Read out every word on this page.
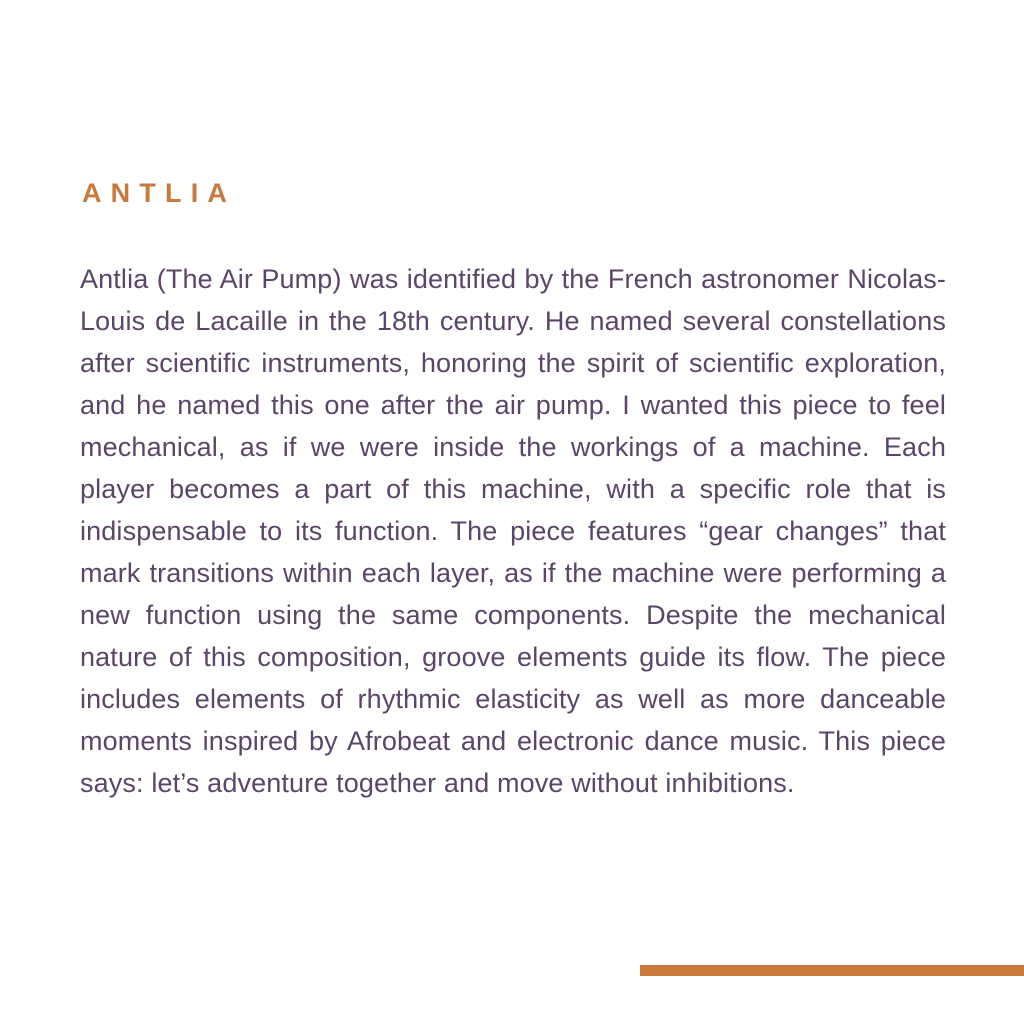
ANTLIA

Antlia (The Air Pump) was identified by the French astronomer Nicolas-Louis de Lacaille in the 18th century. He named several constellations after scientific instruments, honoring the spirit of scientific exploration, and he named this one after the air pump. I wanted this piece to feel mechanical, as if we were inside the workings of a machine. Each player becomes a part of this machine, with a specific role that is indispensable to its function. The piece features “gear changes” that mark transitions within each layer, as if the machine were performing a new function using the same components. Despite the mechanical nature of this composition, groove elements guide its flow. The piece includes elements of rhythmic elasticity as well as more danceable moments inspired by Afrobeat and electronic dance music. This piece says: let’s adventure together and move without inhibitions.
